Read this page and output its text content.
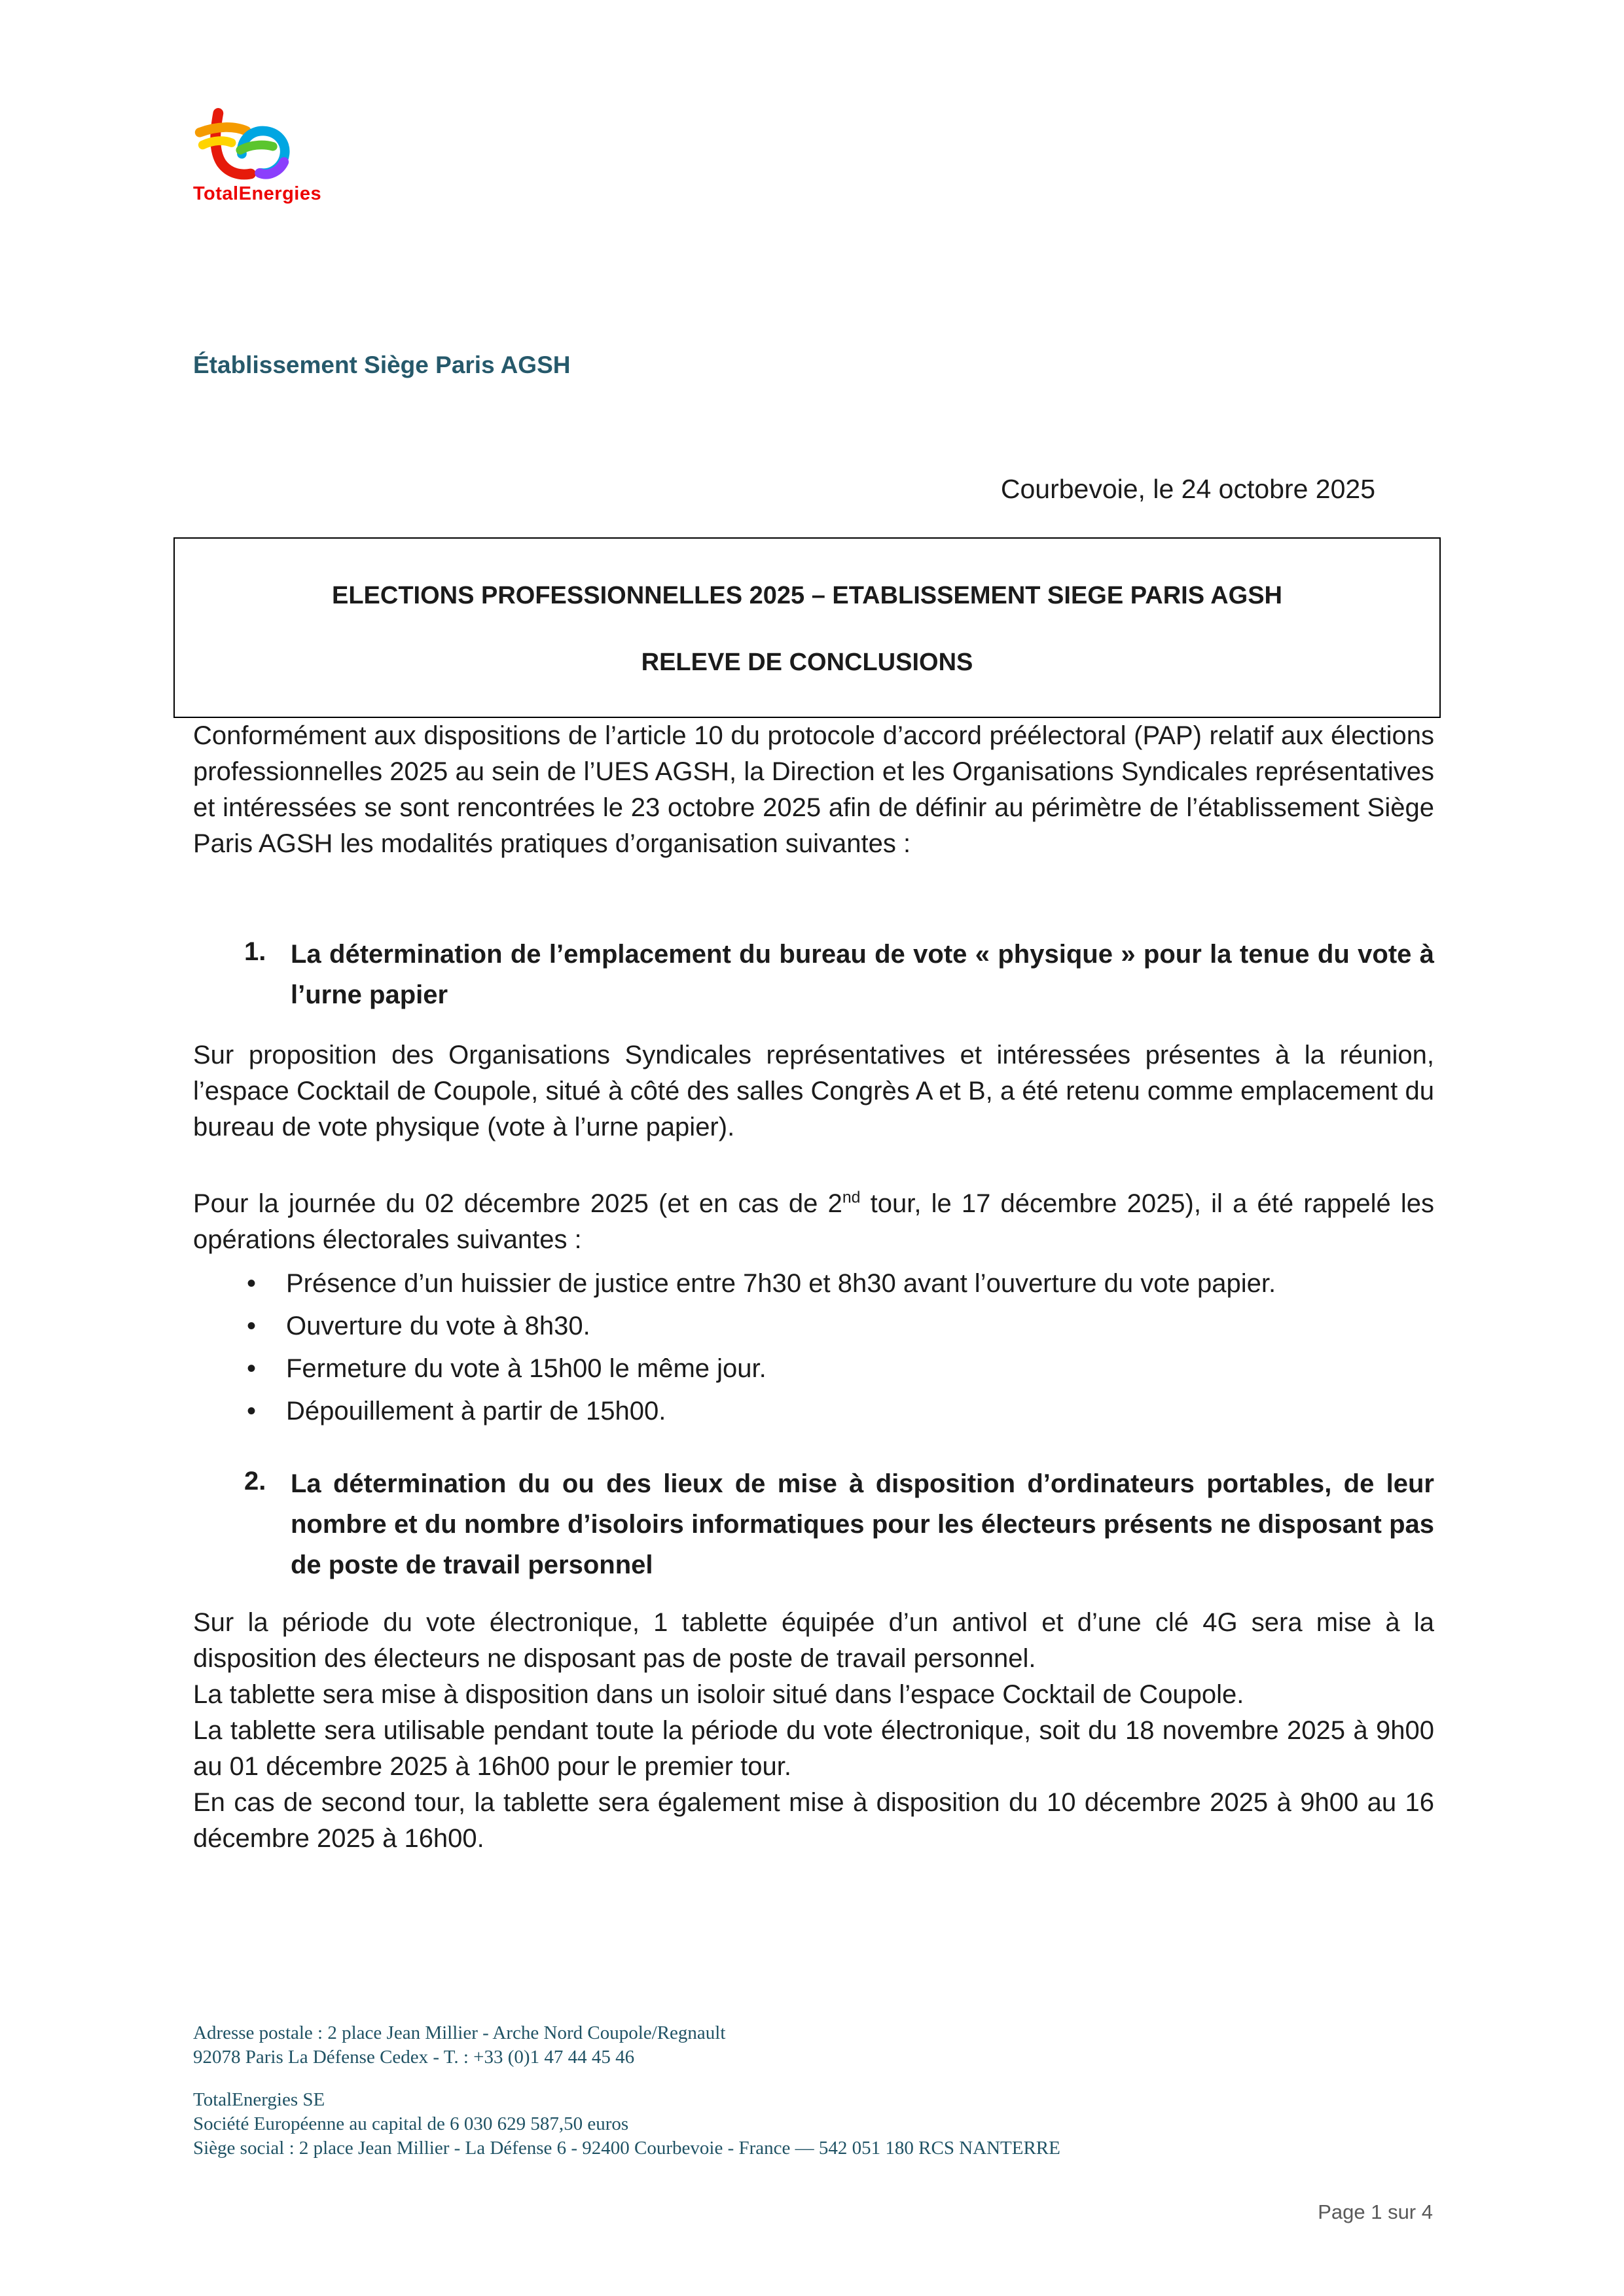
TotalEnergies
Établissement Siège Paris AGSH
Courbevoie, le 24 octobre 2025
ELECTIONS PROFESSIONNELLES 2025 – ETABLISSEMENT SIEGE PARIS AGSH
RELEVE DE CONCLUSIONS

Conformément aux dispositions de l’article 10 du protocole d’accord préélectoral (PAP) relatif aux élections professionnelles 2025 au sein de l’UES AGSH, la Direction et les Organisations Syndicales représentatives et intéressées se sont rencontrées le 23 octobre 2025 afin de définir au périmètre de l’établissement Siège Paris AGSH les modalités pratiques d’organisation suivantes :

1. La détermination de l’emplacement du bureau de vote « physique » pour la tenue du vote à l’urne papier

Sur proposition des Organisations Syndicales représentatives et intéressées présentes à la réunion, l’espace Cocktail de Coupole, situé à côté des salles Congrès A et B, a été retenu comme emplacement du bureau de vote physique (vote à l’urne papier).

Pour la journée du 02 décembre 2025 (et en cas de 2nd tour, le 17 décembre 2025), il a été rappelé les opérations électorales suivantes :

• Présence d’un huissier de justice entre 7h30 et 8h30 avant l’ouverture du vote papier.
• Ouverture du vote à 8h30.
• Fermeture du vote à 15h00 le même jour.
• Dépouillement à partir de 15h00.
2. La détermination du ou des lieux de mise à disposition d’ordinateurs portables, de leur nombre et du nombre d’isoloirs informatiques pour les électeurs présents ne disposant pas de poste de travail personnel

Sur la période du vote électronique, 1 tablette équipée d’un antivol et d’une clé 4G sera mise à la disposition des électeurs ne disposant pas de poste de travail personnel.

La tablette sera mise à disposition dans un isoloir situé dans l’espace Cocktail de Coupole.

La tablette sera utilisable pendant toute la période du vote électronique, soit du 18 novembre 2025 à 9h00 au 01 décembre 2025 à 16h00 pour le premier tour.

En cas de second tour, la tablette sera également mise à disposition du 10 décembre 2025 à 9h00 au 16 décembre 2025 à 16h00.

Adresse postale : 2 place Jean Millier - Arche Nord Coupole/Regnault
92078 Paris La Défense Cedex - T. : +33 (0)1 47 44 45 46
TotalEnergies SE
Société Européenne au capital de 6 030 629 587,50 euros
Siège social : 2 place Jean Millier - La Défense 6 - 92400 Courbevoie - France — 542 051 180 RCS NANTERRE
Page 1 sur 4
